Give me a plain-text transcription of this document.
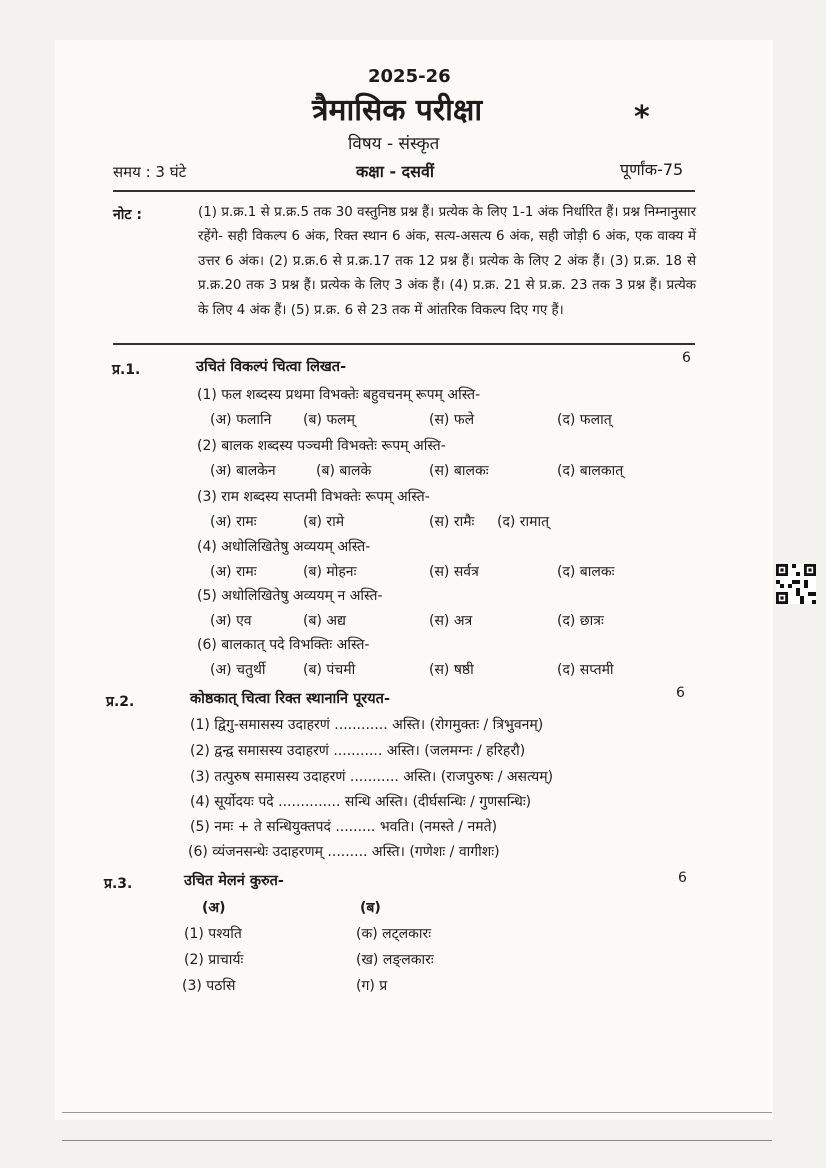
2025-26
त्रैमासिक परीक्षा	*
विषय - संस्कृत
समय : 3 घंटे	कक्षा - दसवीं	पूर्णांक-75
नोट :	(1) प्र.क्र.1 से प्र.क्र.5 तक 30 वस्तुनिष्ठ प्रश्न हैं। प्रत्येक के लिए 1-1 अंक निर्धारित हैं। प्रश्न निम्नानुसार रहेंगे- सही विकल्प 6 अंक, रिक्त स्थान 6 अंक, सत्य-असत्य 6 अंक, सही जोड़ी 6 अंक, एक वाक्य में उत्तर 6 अंक। (2) प्र.क्र.6 से प्र.क्र.17 तक 12 प्रश्न हैं। प्रत्येक के लिए 2 अंक हैं। (3) प्र.क्र. 18 से प्र.क्र.20 तक 3 प्रश्न हैं। प्रत्येक के लिए 3 अंक हैं। (4) प्र.क्र. 21 से प्र.क्र. 23 तक 3 प्रश्न हैं। प्रत्येक के लिए 4 अंक हैं। (5) प्र.क्र. 6 से 23 तक में आंतरिक विकल्प दिए गए हैं।
प्र.1.	उचितं विकल्पं चित्वा लिखत-
6
(1) फल शब्दस्य प्रथमा विभक्तेः बहुवचनम् रूपम् अस्ति-
(अ) फलानि (ब) फलम्	(स) फले	(द) फलात्
(2) बालक शब्दस्य पञ्चमी विभक्तेः रूपम् अस्ति-
(अ) बालकेन	(ब) बालके	(स) बालकः	(द) बालकात्
(3) राम शब्दस्य सप्तमी विभक्तेः रूपम् अस्ति-
(अ) रामः	(ब) रामे	(स) रामैः (द) रामात्
(4) अधोलिखितेषु अव्ययम् अस्ति-
(अ) रामः	(ब) मोहनः	(स) सर्वत्र	(द) बालकः
(5) अधोलिखितेषु अव्ययम् न अस्ति-
(अ) एव	(ब) अद्य	(स) अत्र	(द) छात्रः
(6) बालकात् पदे विभक्तिः अस्ति-
(अ) चतुर्थी	(ब) पंचमी	(स) षष्ठी	(द) सप्तमी
प्र.2.	कोष्ठकात् चित्वा रिक्त स्थानानि पूरयत-	6
(1) द्विगु-समासस्य उदाहरणं ............ अस्ति। (रोगमुक्तः / त्रिभुवनम्)
(2) द्वन्द्व समासस्य उदाहरणं ........... अस्ति। (जलमग्नः / हरिहरौ)
(3) तत्पुरुष समासस्य उदाहरणं ........... अस्ति। (राजपुरुषः / असत्यम्)
(4) सूर्योदयः पदे .............. सन्धि अस्ति। (दीर्घसन्धिः / गुणसन्धिः)
(5) नमः + ते सन्धियुक्तपदं ......... भवति। (नमस्ते / नमते)
(6) व्यंजनसन्धेः उदाहरणम् ......... अस्ति। (गणेशः / वागीशः)
प्र.3.	उचित मेलनं कुरुत-	6
(अ)	(ब)
(1) पश्यति	(क) लट्लकारः
(2) प्राचार्यः	(ख) लङ्लकारः
(3) पठसि	(ग) प्र
